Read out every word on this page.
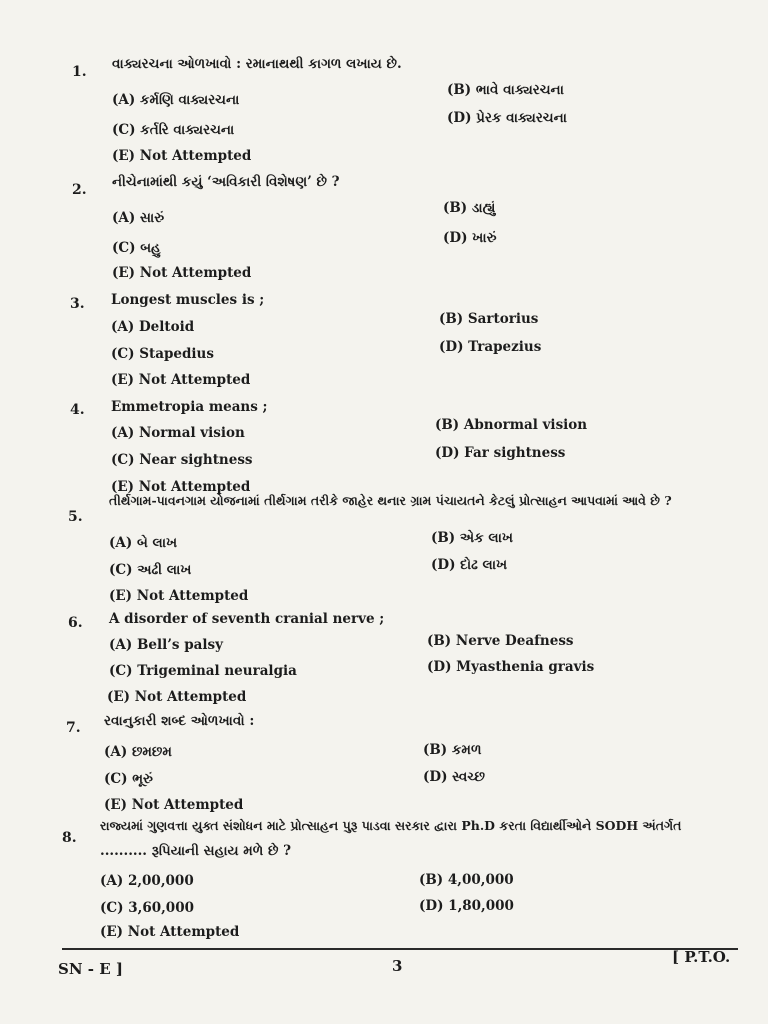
1. વાક્યરચના ઓળખાવો : રમાનાથથી કાગળ લખાય છે.
(A) કર્મણિ વાક્યરચના
(B) ભાવે વાક્યરચના
(C) કર્તરિ વાક્યરચના
(D) પ્રેરક વાક્યરચના
(E) Not Attempted
2. નીચેનામાંથી કયું ‘અવિકારી વિશેષણ’ છે ?
(A) સારું
(B) ડાહ્યું
(C) બહુ
(D) ખારું
(E) Not Attempted
3. Longest muscles is ;
(A) Deltoid	(B) Sartorius
(C) Stapedius	(D) Trapezius
(E) Not Attempted
4. Emmetropia means ;
(A) Normal vision	(B) Abnormal vision
(C) Near sightness	(D) Far sightness
(E) Not Attempted
5.
તીર્થગામ-પાવનગામ યોજનામાં તીર્થગામ તરીકે જાહેર થનાર ગ્રામ પંચાયતને કેટલું પ્રોત્સાહન આપવામાં આવે છે ?
(A) બે લાખ	(B) એક લાખ
(C) અઢી લાખ	(D) દોઢ લાખ
(E) Not Attempted
6. A disorder of seventh cranial nerve ;
(A) Bell’s palsy	(B) Nerve Deafness
(C) Trigeminal neuralgia	(D) Myasthenia gravis
(E) Not Attempted
7. રવાનુકારી શબ્દ ઓળખાવો :
(A) છમછમ	(B) કમળ
(C) ભૂરું	(D) સ્વચ્છ
(E) Not Attempted
8.
રાજ્યમાં ગુણવત્તા યુક્ત સંશોધન માટે પ્રોત્સાહન પુરૂ પાડવા સરકાર દ્વારા Ph.D કરતા વિદ્યાર્થીઓને SODH અંતર્ગત
.......... રૂપિયાની સહાય મળે છે ?
(A) 2,00,000	(B) 4,00,000
(C) 3,60,000	(D) 1,80,000
(E) Not Attempted
SN - E ]	3	[ P.T.O.
